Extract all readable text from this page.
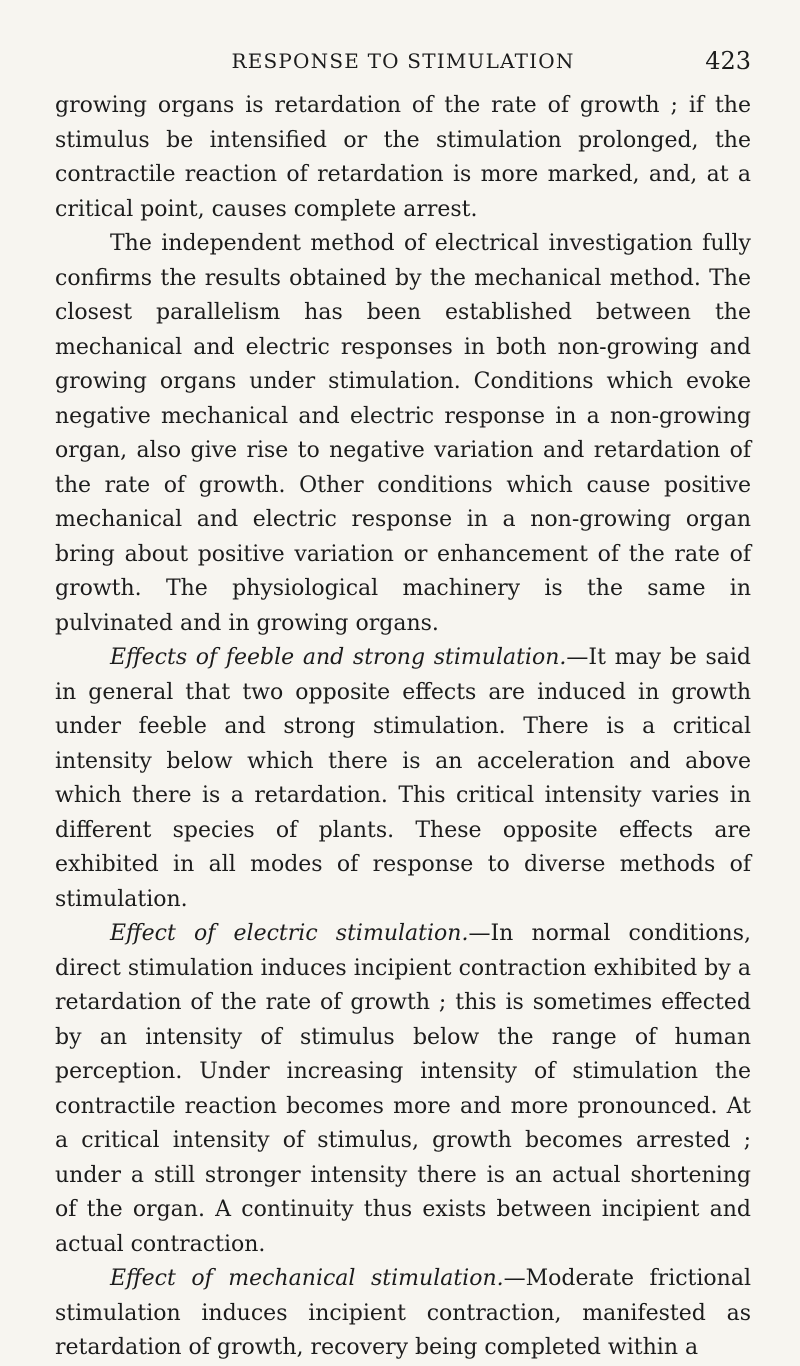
RESPONSE TO STIMULATION	423

growing organs is retardation of the rate of growth ; if the stimulus be intensified or the stimulation prolonged, the contractile reaction of retardation is more marked, and, at a critical point, causes complete arrest.

The independent method of electrical investigation fully confirms the results obtained by the mechanical method. The closest parallelism has been established between the mechanical and electric responses in both non-growing and growing organs under stimulation. Conditions which evoke negative mechanical and electric response in a non-growing organ, also give rise to negative variation and retardation of the rate of growth. Other conditions which cause positive mechanical and electric response in a non-growing organ bring about positive variation or enhancement of the rate of growth. The physiological machinery is the same in pulvinated and in growing organs.

Effects of feeble and strong stimulation.—It may be said in general that two opposite effects are induced in growth under feeble and strong stimulation. There is a critical intensity below which there is an acceleration and above which there is a retardation. This critical intensity varies in different species of plants. These opposite effects are exhibited in all modes of response to diverse methods of stimulation.

Effect of electric stimulation.—In normal conditions, direct stimulation induces incipient contraction exhibited by a retardation of the rate of growth ; this is sometimes effected by an intensity of stimulus below the range of human perception. Under increasing intensity of stimulation the contractile reaction becomes more and more pronounced. At a critical intensity of stimulus, growth becomes arrested ; under a still stronger intensity there is an actual shortening of the organ. A continuity thus exists between incipient and actual contraction.

Effect of mechanical stimulation.—Moderate frictional stimulation induces incipient contraction, manifested as retardation of growth, recovery being completed within a
